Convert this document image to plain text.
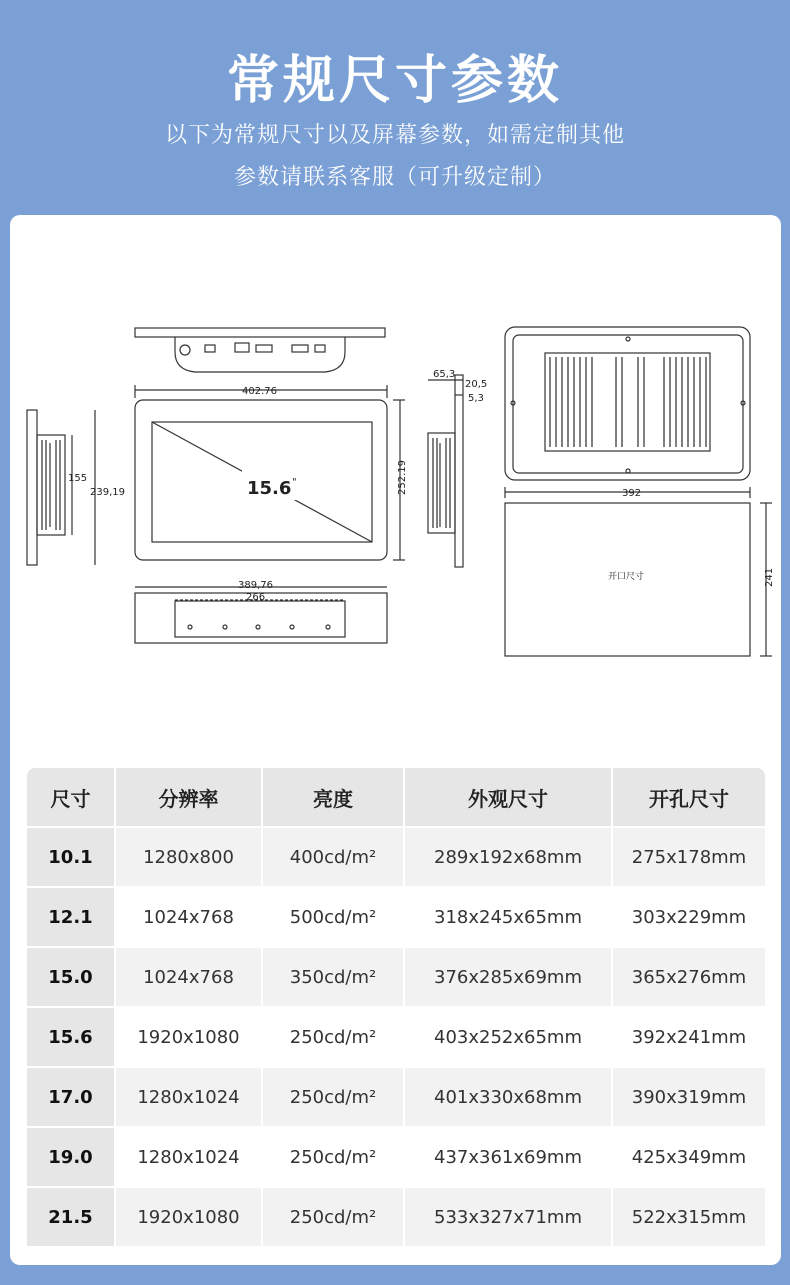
常规尺寸参数
以下为常规尺寸以及屏幕参数，如需定制其他
参数请联系客服（可升级定制）
402.76
252.19
15.6 "
155
239,19
65,3
20,5
5,3
389,76
266
392
241
开口尺寸
尺寸	分辨率	亮度	外观尺寸	开孔尺寸
10.1	1280x800	400cd/m²	289x192x68mm	275x178mm
12.1	1024x768	500cd/m²	318x245x65mm	303x229mm
15.0	1024x768	350cd/m²	376x285x69mm	365x276mm
15.6	1920x1080	250cd/m²	403x252x65mm	392x241mm
17.0	1280x1024	250cd/m²	401x330x68mm	390x319mm
19.0	1280x1024	250cd/m²	437x361x69mm	425x349mm
21.5	1920x1080	250cd/m²	533x327x71mm	522x315mm
